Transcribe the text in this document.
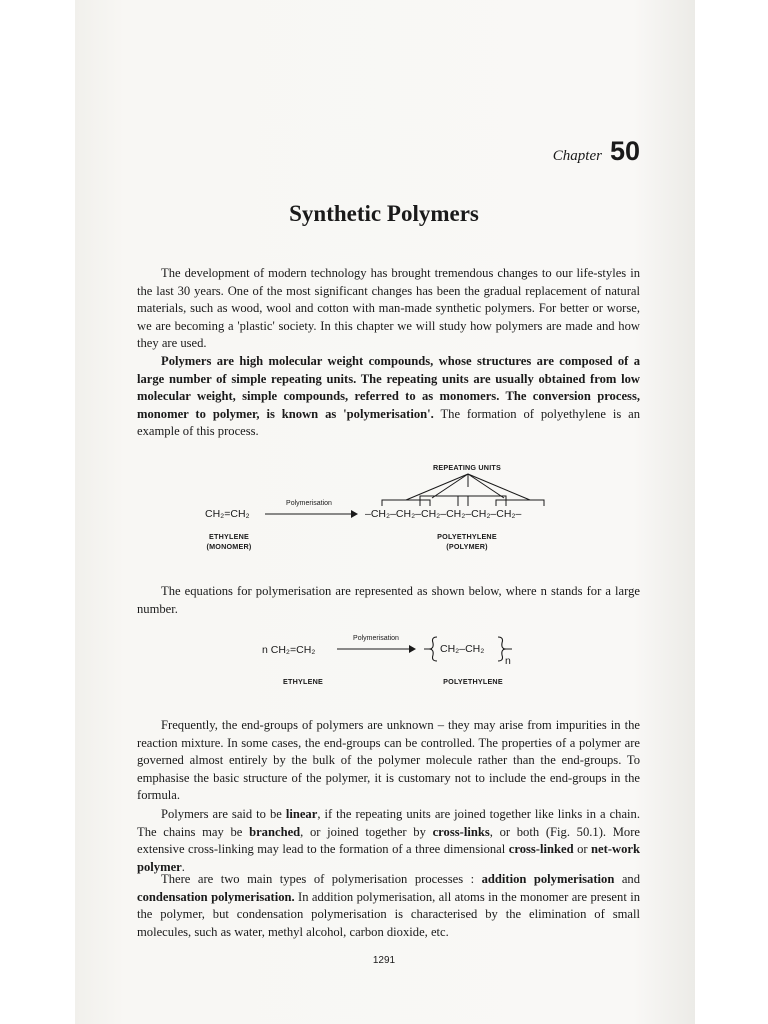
Chapter 50
Synthetic Polymers

The development of modern technology has brought tremendous changes to our life-styles in the last 30 years. One of the most significant changes has been the gradual replacement of natural materials, such as wood, wool and cotton with man-made synthetic polymers. For better or worse, we are becoming a 'plastic' society. In this chapter we will study how polymers are made and how they are used.

Polymers are high molecular weight compounds, whose structures are composed of a large number of simple repeating units. The repeating units are usually obtained from low molecular weight, simple compounds, referred to as monomers. The conversion process, monomer to polymer, is known as 'polymerisation'. The formation of polyethylene is an example of this process.

REPEATING UNITS
Polymerisation
CH₂=CH₂	–CH₂–CH₂–CH₂–CH₂–CH₂–CH₂–
ETHYLENE
(MONOMER)
POLYETHYLENE
(POLYMER)

The equations for polymerisation are represented as shown below, where n stands for a large number.

n CH₂=CH₂
Polymerisation
CH₂–CH₂
n
ETHYLENE	POLYETHYLENE

Frequently, the end-groups of polymers are unknown – they may arise from impurities in the reaction mixture. In some cases, the end-groups can be controlled. The properties of a polymer are governed almost entirely by the bulk of the polymer molecule rather than the end-groups. To emphasise the basic structure of the polymer, it is customary not to include the end-groups in the formula.

Polymers are said to be linear, if the repeating units are joined together like links in a chain. The chains may be branched, or joined together by cross-links, or both (Fig. 50.1). More extensive cross-linking may lead to the formation of a three dimensional cross-linked or net-work polymer.

There are two main types of polymerisation processes : addition polymerisation and condensation polymerisation. In addition polymerisation, all atoms in the monomer are present in the polymer, but condensation polymerisation is characterised by the elimination of small molecules, such as water, methyl alcohol, carbon dioxide, etc.

1291
